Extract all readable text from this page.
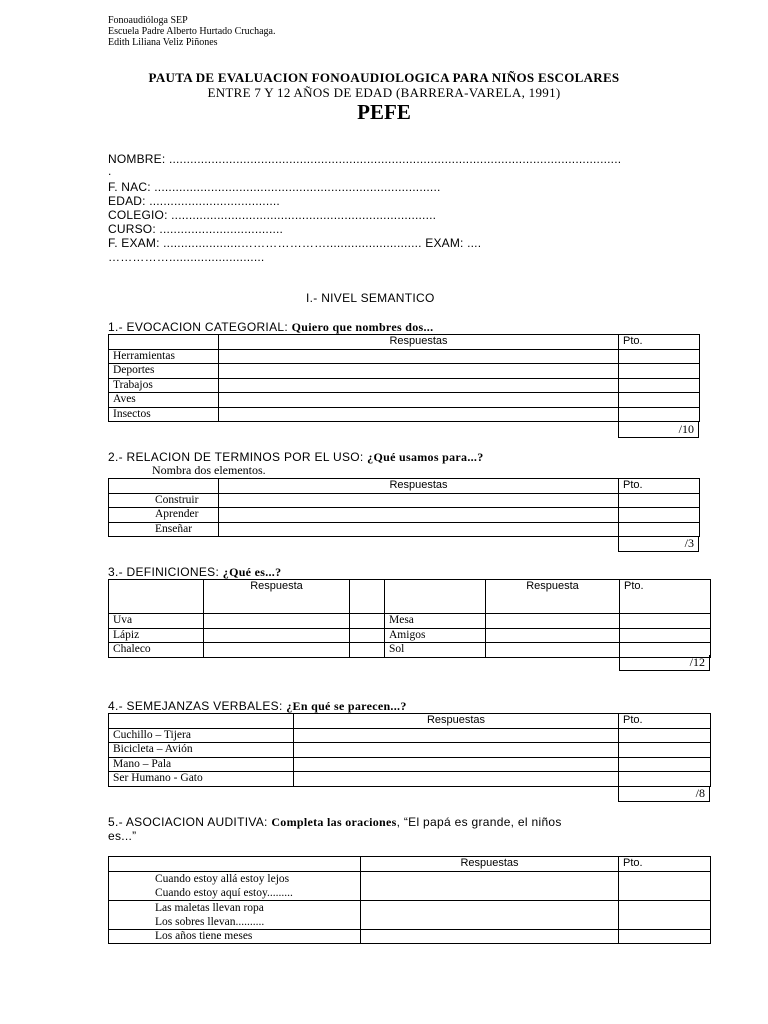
Fonoaudióloga SEP
Escuela Padre Alberto Hurtado Cruchaga.
Edith Liliana Veliz Piñones
PAUTA DE EVALUACION FONOAUDIOLOGICA PARA NIÑOS ESCOLARES
ENTRE 7 Y 12 AÑOS DE EDAD (BARRERA-VARELA, 1991)
PEFE
NOMBRE: ................................................................................................................................
.
F. NAC: .................................................................................
EDAD: .....................................
COLEGIO: ...........................................................................
CURSO: ...................................
F. EXAM: ......................…………………........................... EXAM: ....
……………...........................
I.- NIVEL SEMANTICO
1.- EVOCACION CATEGORIAL: Quiero que nombres dos...
	Respuestas	Pto.
Herramientas		
Deportes		
Trabajos		
Aves		
Insectos		
/10
2.- RELACION DE TERMINOS POR EL USO: ¿Qué usamos para...?
Nombra dos elementos.
	Respuestas	Pto.
Construir		
Aprender		
Enseñar		
/3
3.- DEFINICIONES: ¿Qué es...?
	Respuesta			Respuesta	Pto.
Uva			Mesa		
Lápiz			Amigos		
Chaleco			Sol		
/12
4.- SEMEJANZAS VERBALES: ¿En qué se parecen...?
	Respuestas	Pto.
Cuchillo – Tijera		
Bicicleta – Avión		
Mano – Pala		
Ser Humano - Gato		
/8
5.- ASOCIACION AUDITIVA: Completa las oraciones, “El papá es grande, el niños
es...”
	Respuestas	Pto.

Cuando estoy allá estoy lejos
Cuando estoy aquí estoy.........		

Las maletas llevan ropa
Los sobres llevan..........		

Los años tiene meses		
